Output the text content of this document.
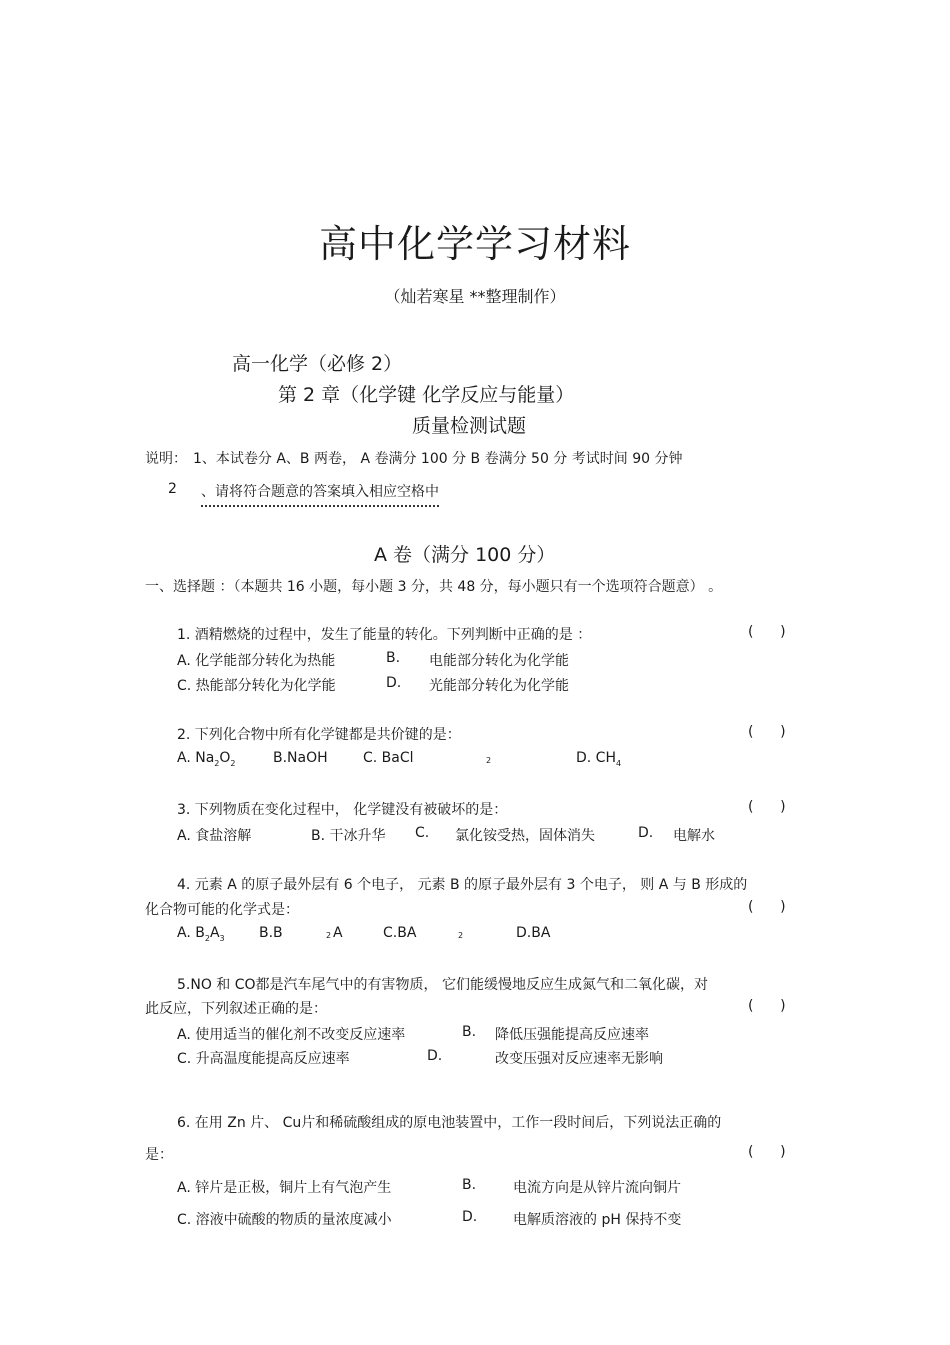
高中化学学习材料
（灿若寒星 **整理制作）
高一化学（必修 2）
第 2 章（化学键 化学反应与能量）
质量检测试题
说明： 1、本试卷分 A、B 两卷， A 卷满分 100 分 B 卷满分 50 分 考试时间 90 分钟
2 、请将符合题意的答案填入相应空格中
A 卷（满分 100 分）
一、选择题 ：（本题共 16 小题，每小题 3 分，共 48 分，每小题只有一个选项符合题意） 。
1. 酒精燃烧的过程中，发生了能量的转化。下列判断中正确的是 ：	(      )
A. 化学能部分转化为热能	B. 电能部分转化为化学能
C. 热能部分转化为化学能	D. 光能部分转化为化学能
2. 下列化合物中所有化学键都是共价键的是：	(      )
A. $Na_2O_2$	B.NaOH	C. BaCl	2	D. $CH_4$
3. 下列物质在变化过程中， 化学键没有被破坏的是：	(      )
A. 食盐溶解	B. 干冰升华 C. 氯化铵受热，固体消失	D. 电解水
4. 元素 A 的原子最外层有 6 个电子， 元素 B 的原子最外层有 3 个电子， 则 A 与 B 形成的
化合物可能的化学式是：	(      )
A. $B_2A_3$ B.B	2 A	C.BA	2	D.BA
5.NO 和 CO都是汽车尾气中的有害物质， 它们能缓慢地反应生成氮气和二氧化碳，对
此反应，下列叙述正确的是：	(      )
A. 使用适当的催化剂不改变反应速率	B. 降低压强能提高反应速率
C. 升高温度能提高反应速率	D.	改变压强对反应速率无影响
6. 在用 Zn 片、 Cu片和稀硫酸组成的原电池装置中，工作一段时间后，下列说法正确的
是：	(      )
A. 锌片是正极，铜片上有气泡产生	B.	电流方向是从锌片流向铜片
C. 溶液中硫酸的物质的量浓度减小	D.	电解质溶液的 pH 保持不变
